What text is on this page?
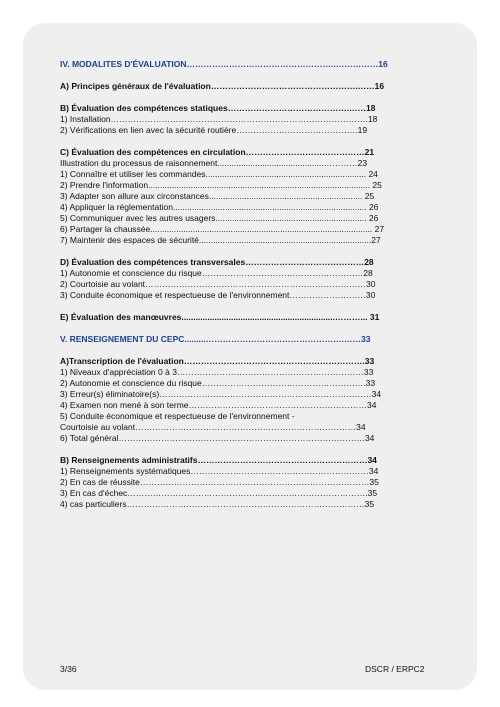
IV. MODALITES D'ÉVALUATION……………………………………………..……………16
A) Principes généraux de l'évaluation…………………………………………….……16
B) Évaluation des compétences statiques…………………………………….……18
1) Installation……………………………………………………………………………….18
2) Vérifications en lien avec la sécurité routière…………………………………….19
C) Évaluation des compétences en circulation……………………………………21
Illustration du processus de raisonnement.............................................…………23
1) Connaître et utiliser les commandes.................................................................... 24
2) Prendre l'information.............................................................................................. 25
3) Adapter son allure aux circonstances................................................................. 25
4) Appliquer la réglementation.................................................................................. 26
5) Communiquer avec les autres usagers................................................................ 26
6) Partager la chaussée.............................................................................................. 27
7) Maintenir des espaces de sécurité.........................................................................27
D) Évaluation des compétences transversales……………………………………28
1) Autonomie et conscience du risque…………………………………………………28
2) Courtoisie au volant……………………………………………………………………30
3) Conduite économique et respectueuse de l'environnement………………………30
E) Évaluation des manœuvres.................................................................………... 31
V. RENSEIGNEMENT DU CEPC.........………………………………………….……33
A)Transcription de l'évaluation……………………………………………………….33
1) Niveaux d'appréciation 0 à 3…………………………………………………………33
2) Autonomie et conscience du risque………………………………………………….33
3) Erreur(s) éliminatoire(s)…………………………………………………………………34
4) Examen non mené à son terme………………………………………………………34
5) Conduite économique et respectueuse de l'environnement -
Courtoisie au volant……………………………………………………………………34
6) Total général……………………………………………………………………………34
B) Renseignements administratifs……………………………………………………34
1) Renseignements systématiques………………………………………………………34
2) En cas de réussite………………………………………………………………………35
3) En cas d'échec………………………………………………………………………….35
4) cas particuliers…………………………………………………………………………35
3/36	DSCR / ERPC2
